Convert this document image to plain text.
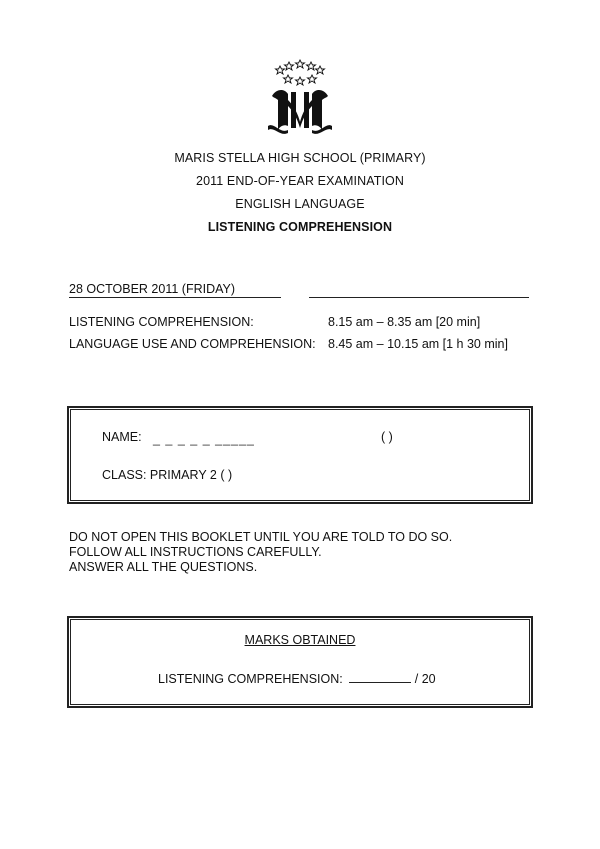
MARIS STELLA HIGH SCHOOL (PRIMARY)
2011 END-OF-YEAR EXAMINATION
ENGLISH LANGUAGE
LISTENING COMPREHENSION
28 OCTOBER 2011 (FRIDAY)
LISTENING COMPREHENSION:	8.15 am – 8.35 am [20 min]
LANGUAGE USE AND COMPREHENSION: 8.45 am – 10.15 am [1 h 30 min]
NAME: _ _ _ _ _ _____	( )
CLASS: PRIMARY 2 ( )
DO NOT OPEN THIS BOOKLET UNTIL YOU ARE TOLD TO DO SO.
FOLLOW ALL INSTRUCTIONS CAREFULLY.
ANSWER ALL THE QUESTIONS.
MARKS OBTAINED
LISTENING COMPREHENSION:	/ 20
